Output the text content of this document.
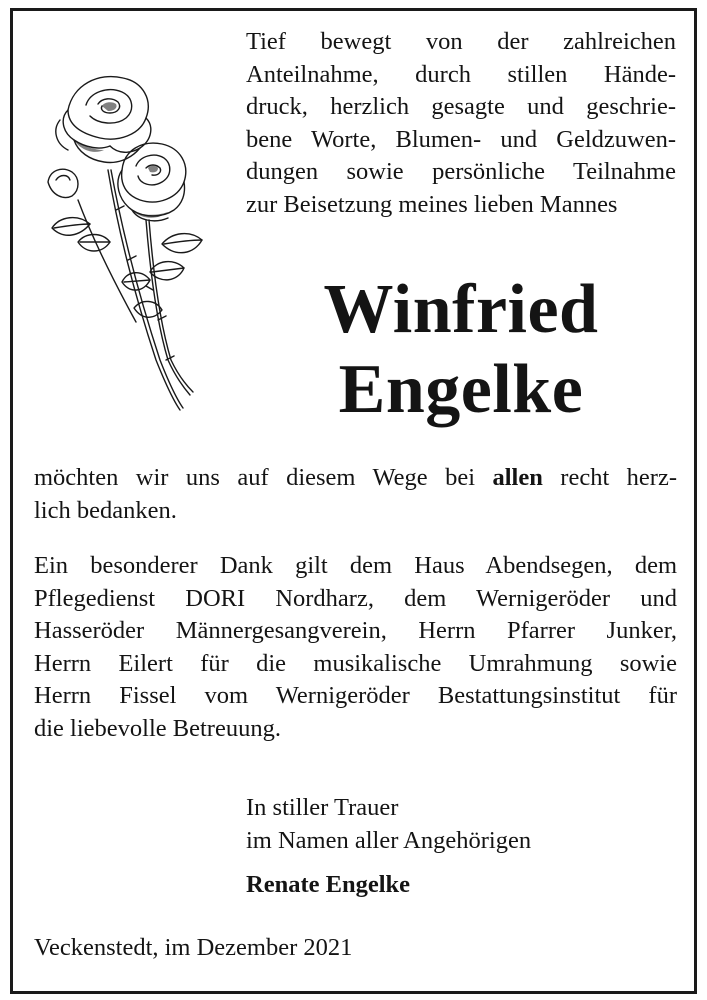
Tief bewegt von der zahlreichen
Anteilnahme, durch stillen Hände-
druck, herzlich gesagte und geschrie-
bene Worte, Blumen- und Geldzuwen-
dungen sowie persönliche Teilnahme
zur Beisetzung meines lieben Mannes
Winfried
Engelke
möchten wir uns auf diesem Wege bei allen recht herz-
lich bedanken.
Ein besonderer Dank gilt dem Haus Abendsegen, dem
Pflegedienst DORI Nordharz, dem Wernigeröder und
Hasseröder Männergesangverein, Herrn Pfarrer Junker,
Herrn Eilert für die musikalische Umrahmung sowie
Herrn Fissel vom Wernigeröder Bestattungsinstitut für
die liebevolle Betreuung.
In stiller Trauer
im Namen aller Angehörigen
Renate Engelke
Veckenstedt, im Dezember 2021
